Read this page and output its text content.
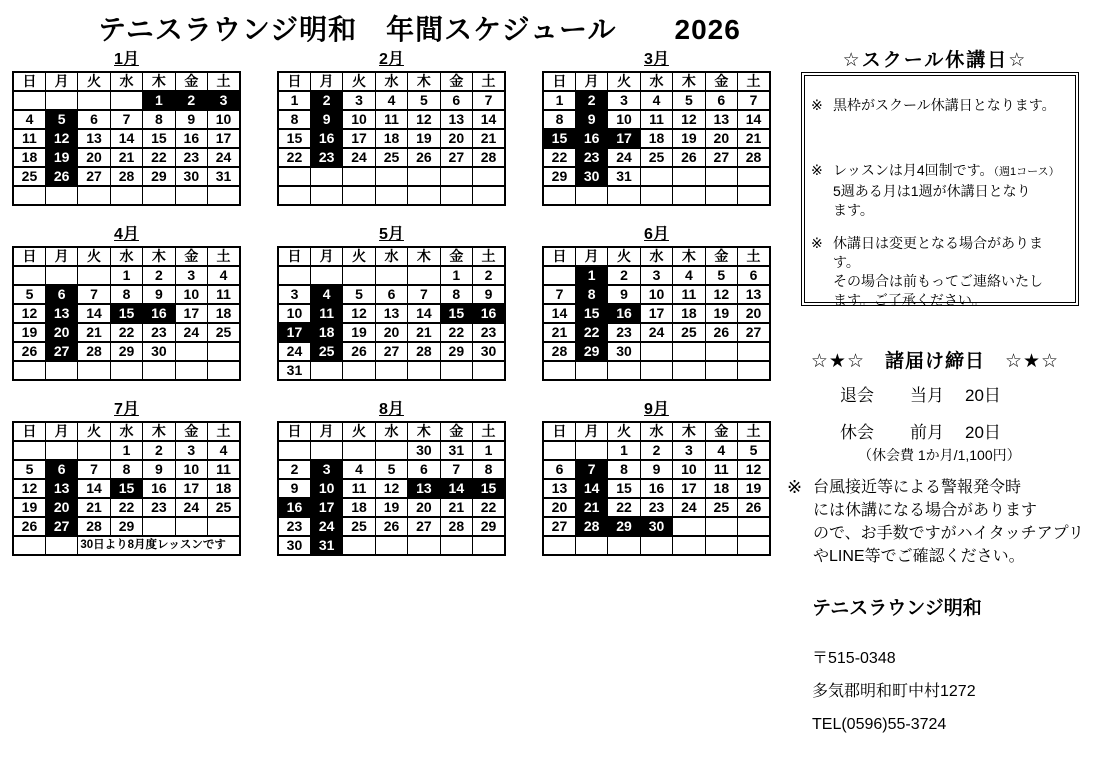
テニスラウンジ明和　年間スケジュール　　2026
1月
日	月	火	水	木	金	土
				1	2	3
4	5	6	7	8	9	10
11	12	13	14	15	16	17
18	19	20	21	22	23	24
25	26	27	28	29	30	31

2月
日	月	火	水	木	金	土
1	2	3	4	5	6	7
8	9	10	11	12	13	14
15	16	17	18	19	20	21
22	23	24	25	26	27	28

3月
日	月	火	水	木	金	土
1	2	3	4	5	6	7
8	9	10	11	12	13	14
15	16	17	18	19	20	21
22	23	24	25	26	27	28
29	30	31				

4月
日	月	火	水	木	金	土
			1	2	3	4
5	6	7	8	9	10	11
12	13	14	15	16	17	18
19	20	21	22	23	24	25
26	27	28	29	30		

5月
日	月	火	水	木	金	土
					1	2
3	4	5	6	7	8	9
10	11	12	13	14	15	16
17	18	19	20	21	22	23
24	25	26	27	28	29	30
31						
6月
日	月	火	水	木	金	土
	1	2	3	4	5	6
7	8	9	10	11	12	13
14	15	16	17	18	19	20
21	22	23	24	25	26	27
28	29	30				

7月
日	月	火	水	木	金	土
			1	2	3	4
5	6	7	8	9	10	11
12	13	14	15	16	17	18
19	20	21	22	23	24	25
26	27	28	29			
		30日より8月度レッスンです				
8月
日	月	火	水	木	金	土
				30	31	1
2	3	4	5	6	7	8
9	10	11	12	13	14	15
16	17	18	19	20	21	22
23	24	25	26	27	28	29
30	31					
9月
日	月	火	水	木	金	土
		1	2	3	4	5
6	7	8	9	10	11	12
13	14	15	16	17	18	19
20	21	22	23	24	25	26
27	28	29	30			

☆スクール休講日☆
※ 黒枠がスクール休講日となります。
※ レッスンは月4回制です。（週1コース）
5週ある月は1週が休講日となり
ます。
※ 休講日は変更となる場合があります。
その場合は前もってご連絡いたし
ます。ご了承ください。
☆★☆　諸届け締日　☆★☆
退会	当月	20日
休会	前月	20日
（休会費 1か月/1,100円）
※ 台風接近等による警報発令時
には休講になる場合があります
ので、お手数ですがハイタッチアプリ
やLINE等でご確認ください。
テニスラウンジ明和
〒515-0348
多気郡明和町中村1272
TEL(0596)55-3724
